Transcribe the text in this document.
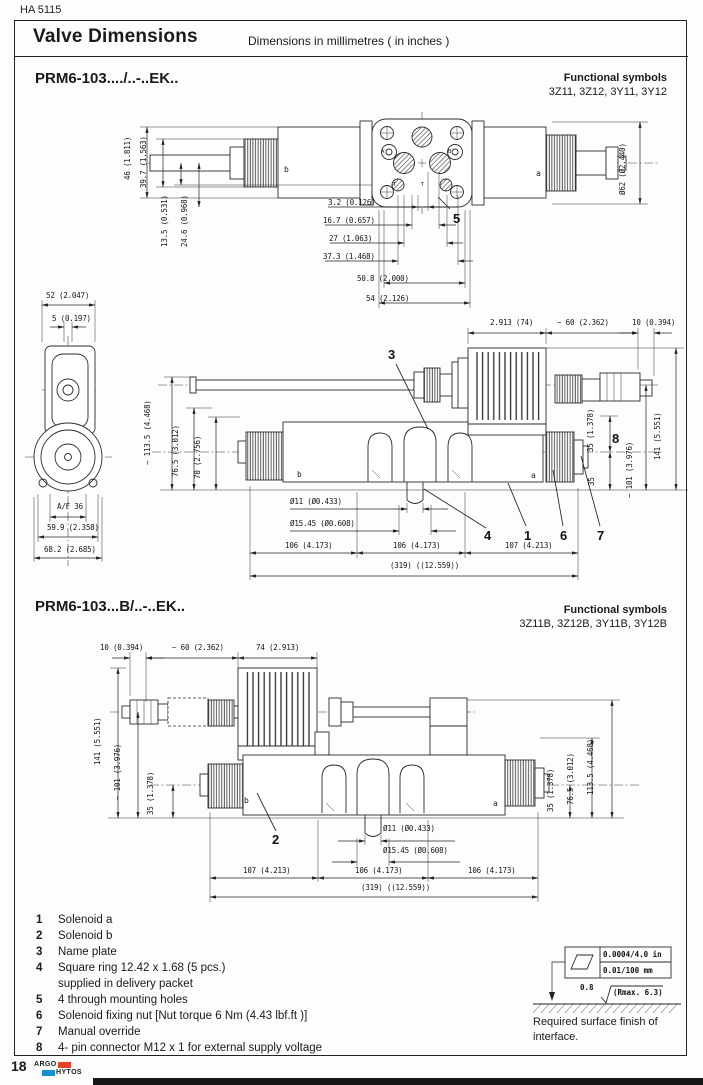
HA 5115
Valve Dimensions	Dimensions in millimetres ( in inches )
PRM6-103..../..-..EK..	Functional symbols
3Z11, 3Z12, 3Y11, 3Y12
46 (1.811) 39.7 (1.563)
13.5 (0.531) 24.6 (0.968)	3.2 (0.126)
16.7 (0.657)
27 (1.063)
37.3 (1.468)
50.8 (2.000)
54 (2.126)
Ø62 (Ø2.440)
b	a
A	B
T	T
5
52 (2.047)
5 (0.197)
A/F 36
59.9 (2.358)
68.2 (2.685)
2.913 (74)	~ 60 (2.362)	10 (0.394)
35 (1.378)
35	~ 101 (3.976)
141 (5.551)
~ 113.5 (4.468)	76.5 (3.012) 70 (2.756)
Ø11 (Ø0.433)
Ø15.45 (Ø0.608)
106 (4.173)	106 (4.173)	107 (4.213)
(319) ((12.559))
b	a
3
8
4	1 6 7
PRM6-103...B/..-..EK..	Functional symbols
3Z11B, 3Z12B, 3Y11B, 3Y12B
10 (0.394)	~ 60 (2.362)	74 (2.913)
141 (5.551)
~ 101 (3.976)	35 (1.378)	35 (1.378) 76.5 (3.012) 113.5 (4.468)
Ø11 (Ø0.433)
Ø15.45 (Ø0.608)
107 (4.213)	106 (4.173)	106 (4.173)
(319) ((12.559))
b	a
2
1 Solenoid a
2 Solenoid b
3 Name plate
4 Square ring 12.42 x 1.68 (5 pcs.)
supplied in delivery packet
5 4 through mounting holes
6 Solenoid fixing nut [Nut torque 6 Nm (4.43 lbf.ft )]
7 Manual override
8 4- pin connector M12 x 1 for external supply voltage
0.0004/4.0 in
0.01/100 mm
0.8
(Rmax. 6.3)
Required surface finish of
interface.
18 ARGO
HYTOS
